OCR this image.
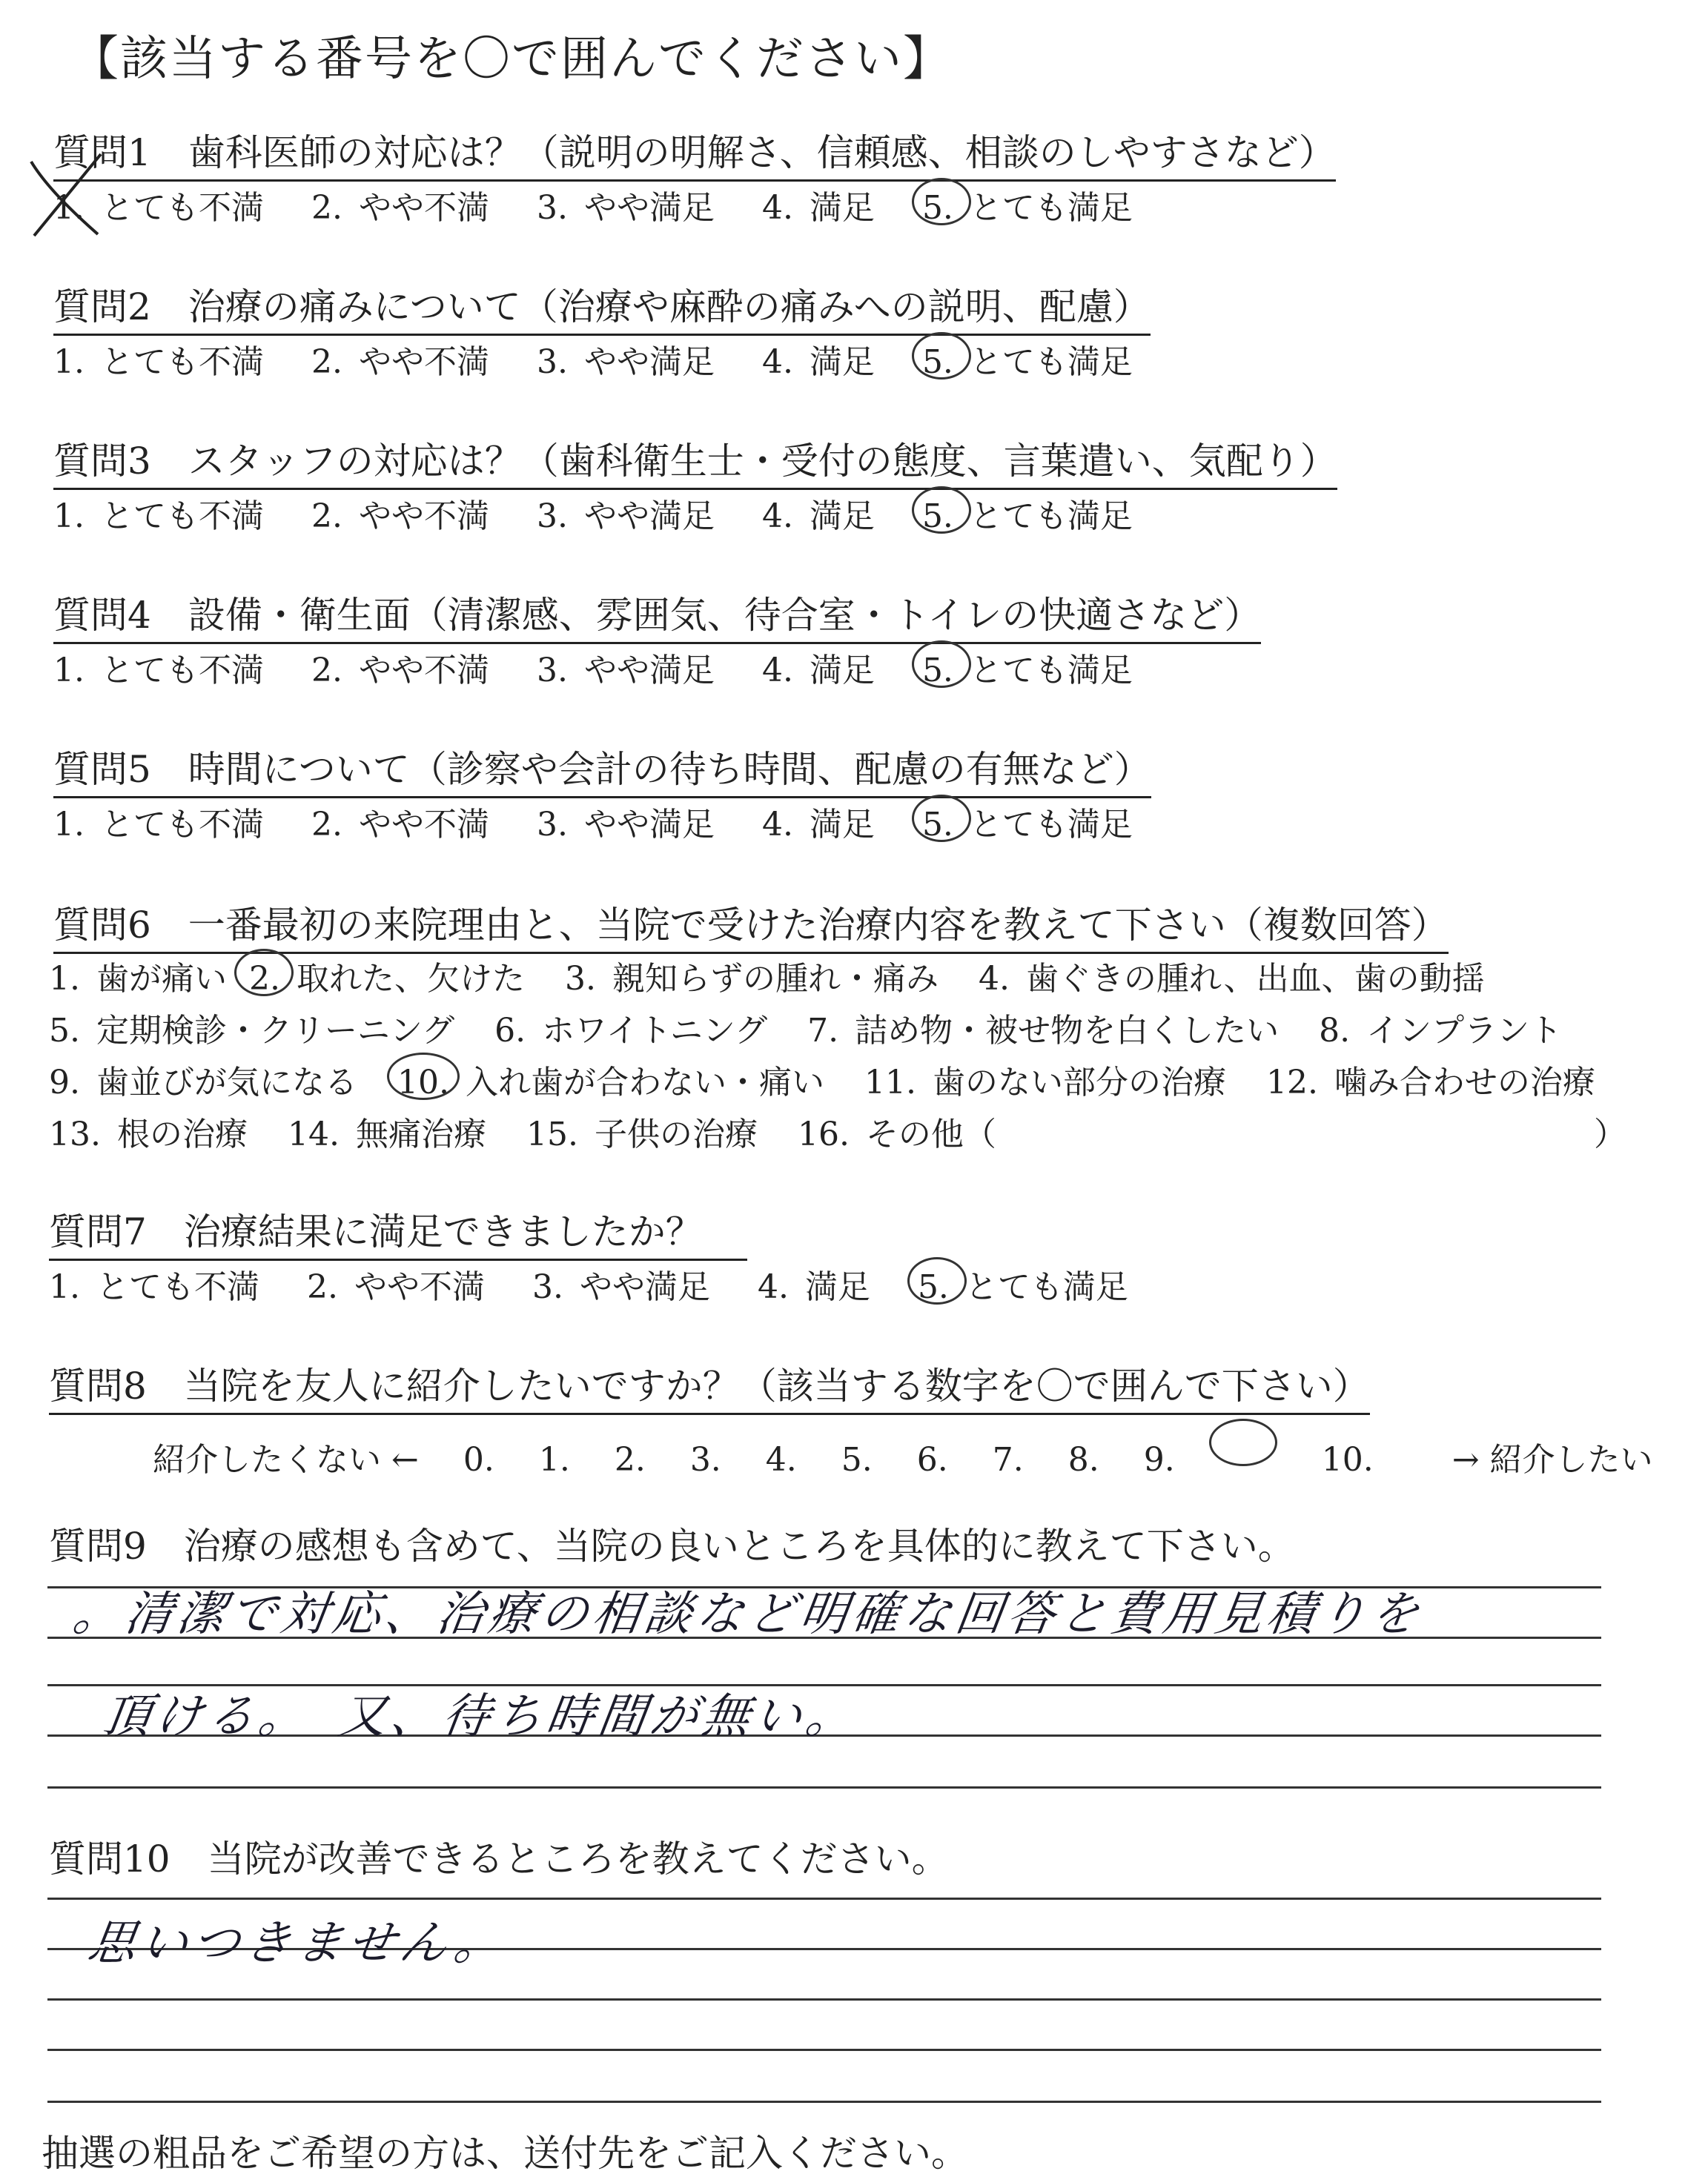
【該当する番号を〇で囲んでください】
質問1　歯科医師の対応は？（説明の明解さ、信頼感、相談のしやすさなど）
1. とても不満 2. やや不満 3. やや満足 4. 満足 5. とても満足
質問2　治療の痛みについて（治療や麻酔の痛みへの説明、配慮）
1. とても不満 2. やや不満 3. やや満足 4. 満足 5. とても満足
質問3　スタッフの対応は？（歯科衛生士・受付の態度、言葉遣い、気配り）
1. とても不満 2. やや不満 3. やや満足 4. 満足 5. とても満足
質問4　設備・衛生面（清潔感、雰囲気、待合室・トイレの快適さなど）
1. とても不満 2. やや不満 3. やや満足 4. 満足 5. とても満足
質問5　時間について（診察や会計の待ち時間、配慮の有無など）
1. とても不満 2. やや不満 3. やや満足 4. 満足 5. とても満足
質問6　一番最初の来院理由と、当院で受けた治療内容を教えて下さい（複数回答）
1. 歯が痛い 2. 取れた、欠けた 3. 親知らずの腫れ・痛み 4. 歯ぐきの腫れ、出血、歯の動揺
5. 定期検診・クリーニング 6. ホワイトニング 7. 詰め物・被せ物を白くしたい 8. インプラント
9. 歯並びが気になる 10. 入れ歯が合わない・痛い 11. 歯のない部分の治療 12. 噛み合わせの治療
13. 根の治療 14. 無痛治療 15. 子供の治療 16. その他（	）
質問7　治療結果に満足できましたか？
1. とても不満 2. やや不満 3. やや満足 4. 満足 5. とても満足
質問8　当院を友人に紹介したいですか？（該当する数字を〇で囲んで下さい）
紹介したくない ← 0. 1. 2. 3. 4. 5. 6. 7. 8. 9.	10. → 紹介したい
質問9　治療の感想も含めて、当院の良いところを具体的に教えて下さい。
。清潔で対応、治療の相談など明確な回答と費用見積りを
頂ける。　又、待ち時間が無い。
質問10　当院が改善できるところを教えてください。
思いつきません。
抽選の粗品をご希望の方は、送付先をご記入ください。
